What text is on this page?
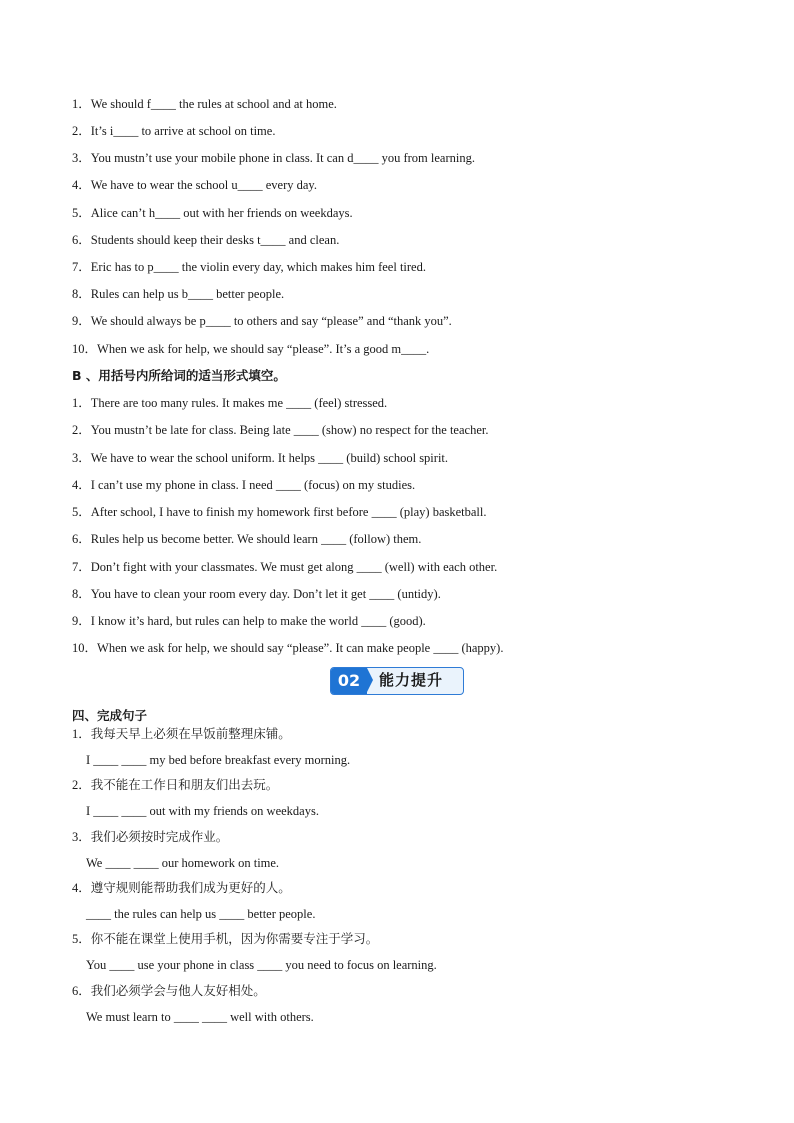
1．We should f____ the rules at school and at home.
2．It’s i____ to arrive at school on time.
3．You mustn’t use your mobile phone in class. It can d____ you from learning.
4．We have to wear the school u____ every day.
5．Alice can’t h____ out with her friends on weekdays.
6．Students should keep their desks t____ and clean.
7．Eric has to p____ the violin every day, which makes him feel tired.
8．Rules can help us b____ better people.
9．We should always be p____ to others and say “please” and “thank you”.
10．When we ask for help, we should say “please”. It’s a good m____.
B 、用括号内所给词的适当形式填空。
1．There are too many rules. It makes me ____ (feel) stressed.
2．You mustn’t be late for class. Being late ____ (show) no respect for the teacher.
3．We have to wear the school uniform. It helps ____ (build) school spirit.
4．I can’t use my phone in class. I need ____ (focus) on my studies.
5．After school, I have to finish my homework first before ____ (play) basketball.
6．Rules help us become better. We should learn ____ (follow) them.
7．Don’t fight with your classmates. We must get along ____ (well) with each other.
8．You have to clean your room every day. Don’t let it get ____ (untidy).
9．I know it’s hard, but rules can help to make the world ____ (good).
10．When we ask for help, we should say “please”. It can make people ____ (happy).
02	能力提升
四、完成句子
1．我每天早上必须在早饭前整理床铺。
I ____ ____ my bed before breakfast every morning.
2．我不能在工作日和朋友们出去玩。
I ____ ____ out with my friends on weekdays.
3．我们必须按时完成作业。
We ____ ____ our homework on time.
4．遵守规则能帮助我们成为更好的人。
____ the rules can help us ____ better people.
5．你不能在课堂上使用手机，因为你需要专注于学习。
You ____ use your phone in class ____ you need to focus on learning.
6．我们必须学会与他人友好相处。
We must learn to ____ ____ well with others.
